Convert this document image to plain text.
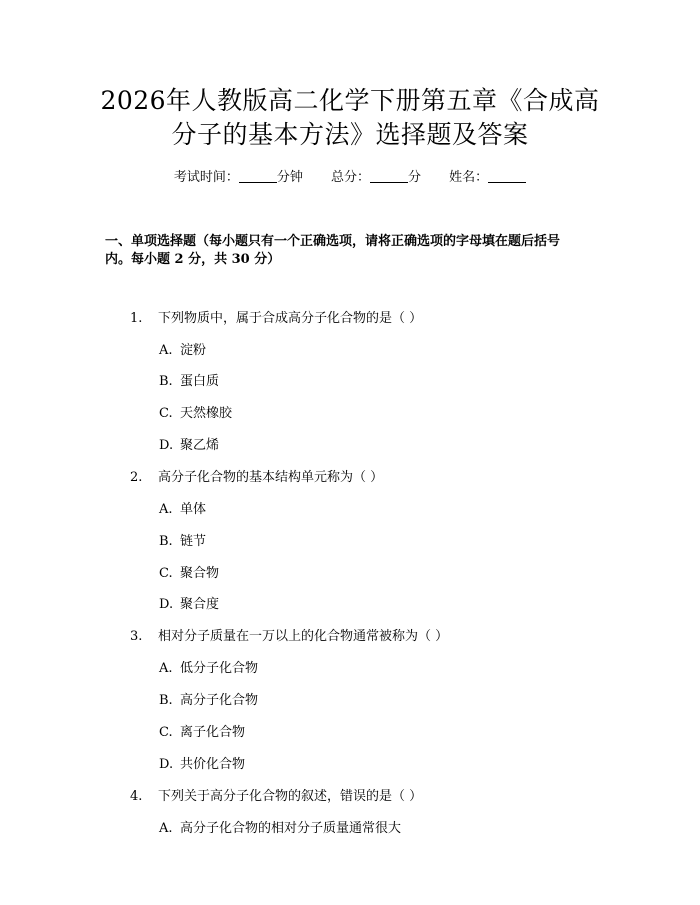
2026年人教版高二化学下册第五章《合成高
分子的基本方法》选择题及答案
考试时间：	分钟 总分：	分 姓名：
一、单项选择题（每小题只有一个正确选项，请将正确选项的字母填在题后括号
内。每小题 2 分，共 30 分）
1. 下列物质中，属于合成高分子化合物的是（ ）
A. 淀粉
B. 蛋白质
C. 天然橡胶
D. 聚乙烯
2. 高分子化合物的基本结构单元称为（ ）
A. 单体
B. 链节
C. 聚合物
D. 聚合度
3. 相对分子质量在一万以上的化合物通常被称为（ ）
A. 低分子化合物
B. 高分子化合物
C. 离子化合物
D. 共价化合物
4. 下列关于高分子化合物的叙述，错误的是（ ）
A. 高分子化合物的相对分子质量通常很大
